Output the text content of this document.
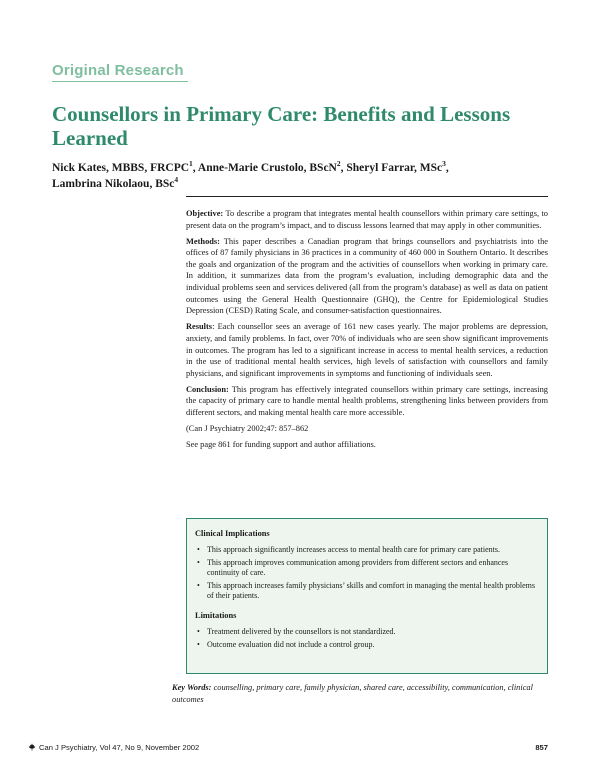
Original Research
Counsellors in Primary Care: Benefits and Lessons Learned

Nick Kates, MBBS, FRCPC$^1$, Anne-Marie Crustolo, BScN$^2$, Sheryl Farrar, MSc$^3$,
Lambrina Nikolaou, BSc$^4$

Objective: To describe a program that integrates mental health counsellors within primary care settings, to present data on the program’s impact, and to discuss lessons learned that may apply in other communities.

Methods: This paper describes a Canadian program that brings counsellors and psychiatrists into the offices of 87 family physicians in 36 practices in a community of 460 000 in Southern Ontario. It describes the goals and organization of the program and the activities of counsellors when working in primary care. In addition, it summarizes data from the program’s evaluation, including demographic data and the individual problems seen and services delivered (all from the program’s database) as well as data on patient outcomes using the General Health Questionnaire (GHQ), the Centre for Epidemiological Studies Depression (CESD) Rating Scale, and consumer-satisfaction questionnaires.

Results: Each counsellor sees an average of 161 new cases yearly. The major problems are depression, anxiety, and family problems. In fact, over 70% of individuals who are seen show significant improvements in outcomes. The program has led to a significant increase in access to mental health services, a reduction in the use of traditional mental health services, high levels of satisfaction with counsellors and family physicians, and significant improvements in symptoms and functioning of individuals seen.

Conclusion: This program has effectively integrated counsellors within primary care settings, increasing the capacity of primary care to handle mental health problems, strengthening links between providers from different sectors, and making mental health care more accessible.

(Can J Psychiatry 2002;47: 857–862

See page 861 for funding support and author affiliations.

Clinical Implications
• This approach significantly increases access to mental health care for primary care patients.
• This approach improves communication among providers from different sectors and enhances continuity of care.
• This approach increases family physicians’ skills and comfort in managing the mental health problems of their patients.
Limitations
• Treatment delivered by the counsellors is not standardized.
• Outcome evaluation did not include a control group.
Key Words: counselling, primary care, family physician, shared care, accessibility, communication, clinical outcomes
Can J Psychiatry, Vol 47, No 9, November 2002	857
